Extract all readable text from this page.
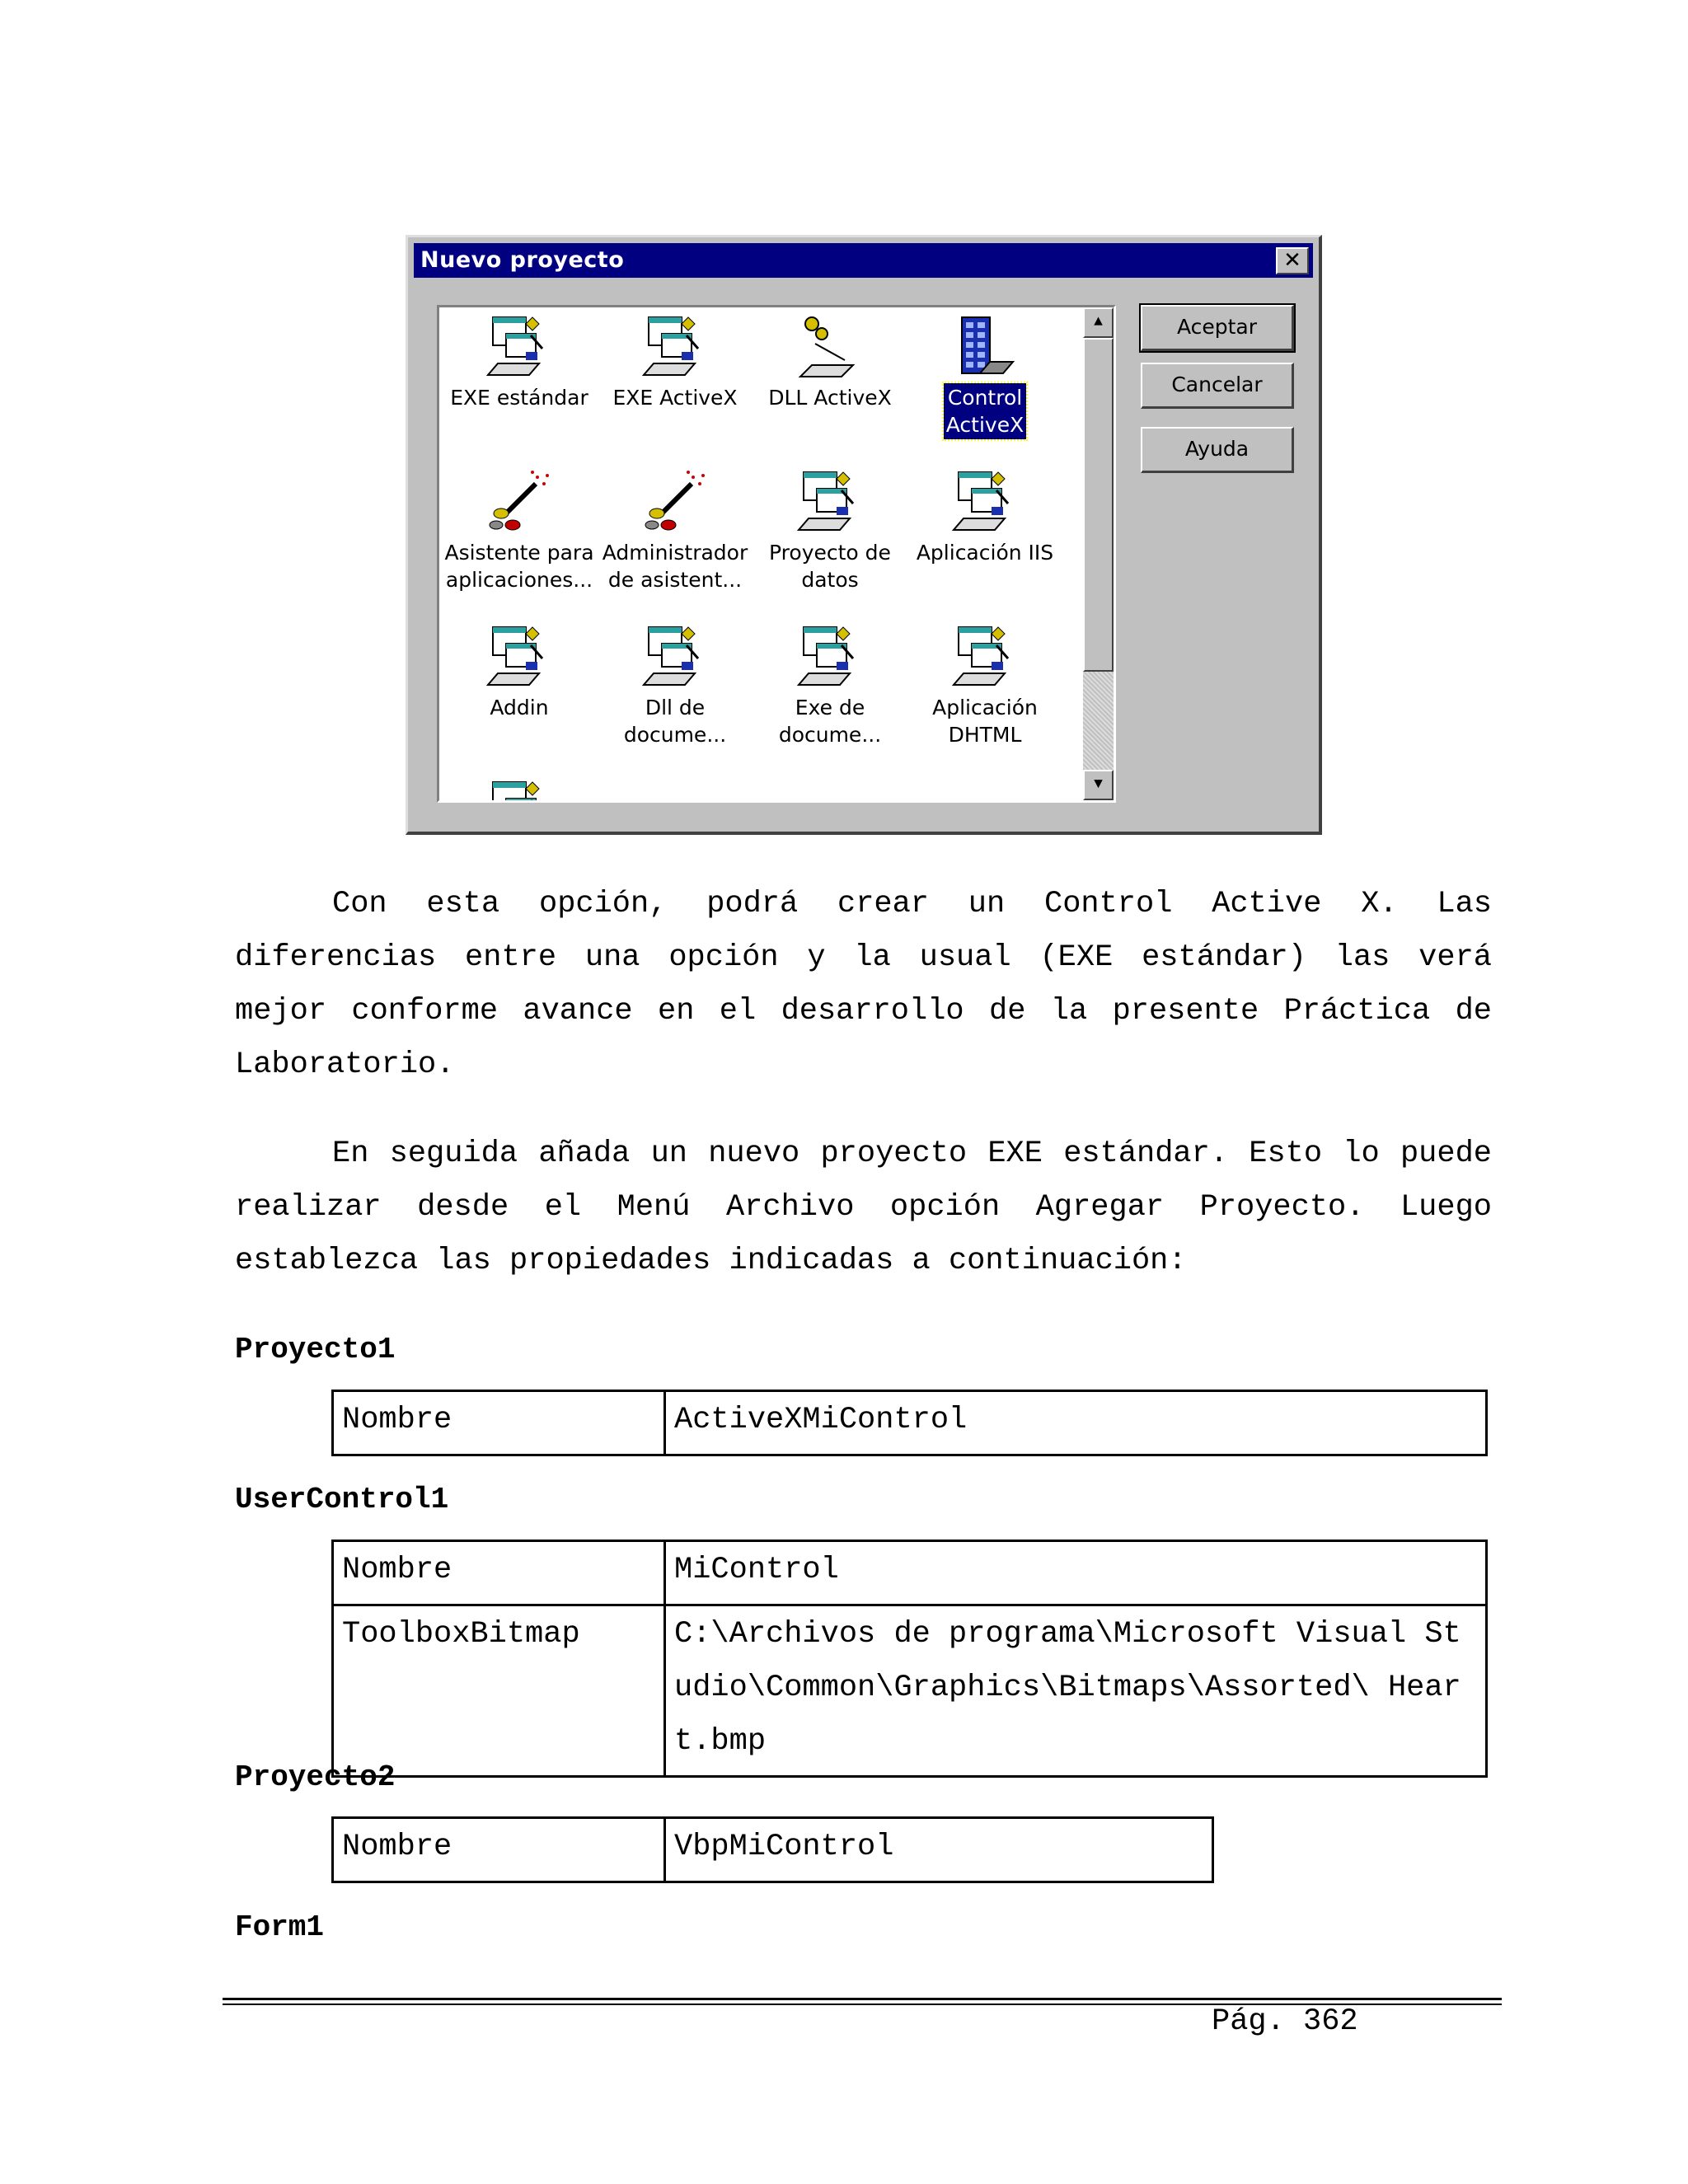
Nuevo proyecto	✕
EXE estándar	EXE ActiveX	DLL ActiveX	Control
ActiveX
Asistente para
aplicaciones...
Administrador
de asistent...
Proyecto de
datos
Aplicación IIS
Addin	Dll de
docume...
Exe de
docume...
Aplicación
DHTML
▲
▼
Aceptar
Cancelar
Ayuda

Con esta opción, podrá crear un Control Active X. Las diferencias entre una opción y la usual (EXE estándar) las verá mejor conforme avance en el desarrollo de la presente Práctica de Laboratorio.

En seguida añada un nuevo proyecto EXE estándar. Esto lo puede realizar desde el Menú Archivo opción Agregar Proyecto. Luego establezca las propiedades indicadas a continuación:

Proyecto1

Nombre	ActiveXMiControl

UserControl1

Nombre	MiControl
ToolboxBitmap	C:\Archivos de programa\Microsoft Visual Studio\Common\Graphics\Bitmaps\Assorted\ Heart.bmp

Proyecto2

Nombre	VbpMiControl

Form1

Pág. 362
